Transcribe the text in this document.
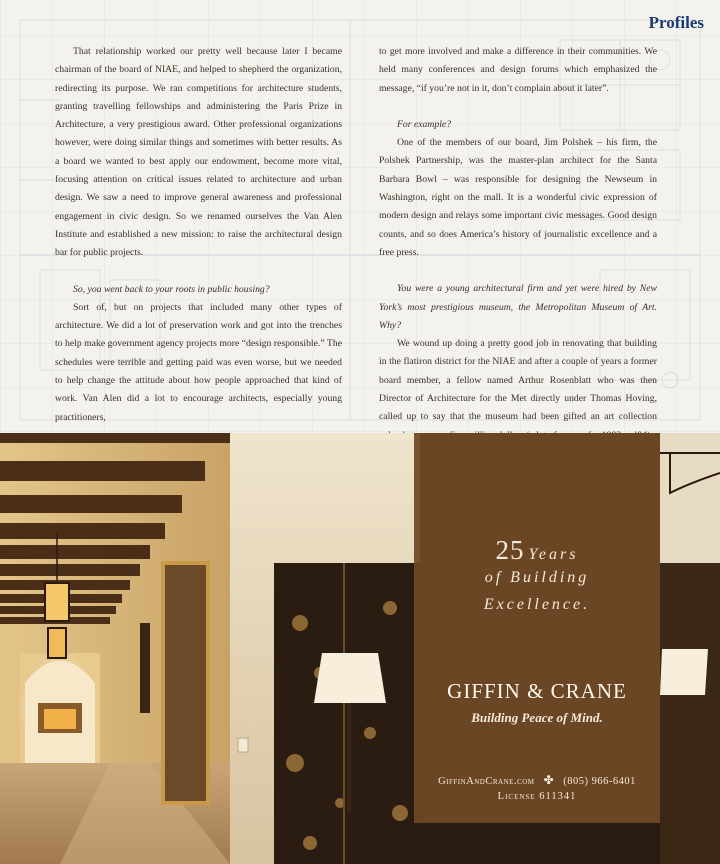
Profiles

That relationship worked our pretty well because later I became chairman of the board of NIAE, and helped to shepherd the organization, redirecting its purpose. We ran competitions for architecture students, granting travelling fellowships and administering the Paris Prize in Architecture, a very prestigious award. Other professional organizations however, were doing similar things and sometimes with better results. As a board we wanted to best apply our endowment, become more vital, focusing attention on critical issues related to architecture and urban design. We saw a need to improve general awareness and professional engagement in civic design. So we renamed ourselves the Van Alen Institute and established a new mission: to raise the architectural design bar for public projects.

So, you went back to your roots in public housing?

Sort of, but on projects that included many other types of architecture. We did a lot of preservation work and got into the trenches to help make government agency projects more “design responsible.” The schedules were terrible and getting paid was even worse, but we needed to help change the attitude about how people approached that kind of work. Van Alen did a lot to encourage architects, especially young practitioners,

to get more involved and make a difference in their communities. We held many conferences and design forums which emphasized the message, “if you’re not in it, don’t complain about it later”.

For example?

One of the members of our board, Jim Polshek – his firm, the Polshek Partnership, was the master-plan architect for the Santa Barbara Bowl – was responsible for designing the Newseum in Washington, right on the mall. It is a wonderful civic expression of modern design and relays some important civic messages. Good design counts, and so does America’s history of journalistic excellence and a free press.

You were a young architectural firm and yet were hired by New York’s most prestigious museum, the Metropolitan Museum of Art. Why?

We wound up doing a pretty good job in renovating that building in the flatiron district for the NIAE and after a couple of years a former board member, a fellow named Arthur Rosenblatt who was then Director of Architecture for the Met directly under Thomas Hoving, called up to say that the museum had been gifted an art collection

25 Years
of Building
Excellence.
GIFFIN & CRANE
Building Peace of Mind.
GiffinAndCrane.com ✤ (805) 966-6401
License 611341
